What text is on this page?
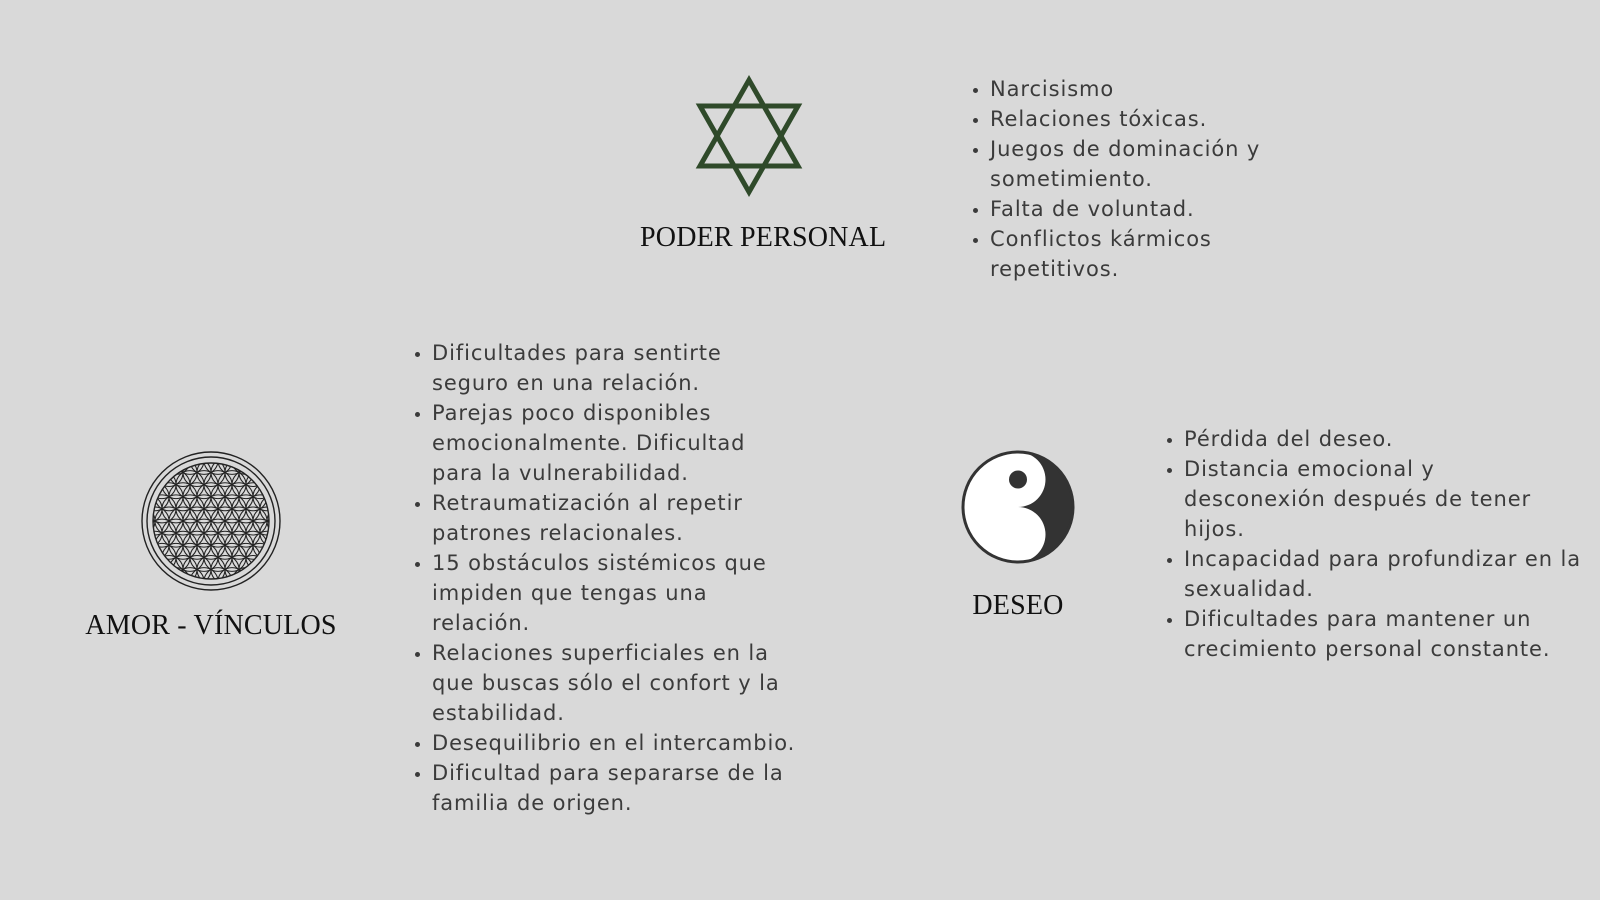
PODER PERSONAL
• Narcisismo
• Relaciones tóxicas.
• Juegos de dominación y sometimiento.
• Falta de voluntad.
• Conflictos kármicos repetitivos.
AMOR - VÍNCULOS
• Dificultades para sentirte seguro en una relación.
• Parejas poco disponibles emocionalmente. Dificultad para la vulnerabilidad.
• Retraumatización al repetir patrones relacionales.
• 15 obstáculos sistémicos que impiden que tengas una relación.
• Relaciones superficiales en la que buscas sólo el confort y la estabilidad.
• Desequilibrio en el intercambio.
• Dificultad para separarse de la familia de origen.
DESEO
• Pérdida del deseo.
• Distancia emocional y desconexión después de tener hijos.
• Incapacidad para profundizar en la sexualidad.
• Dificultades para mantener un crecimiento personal constante.
